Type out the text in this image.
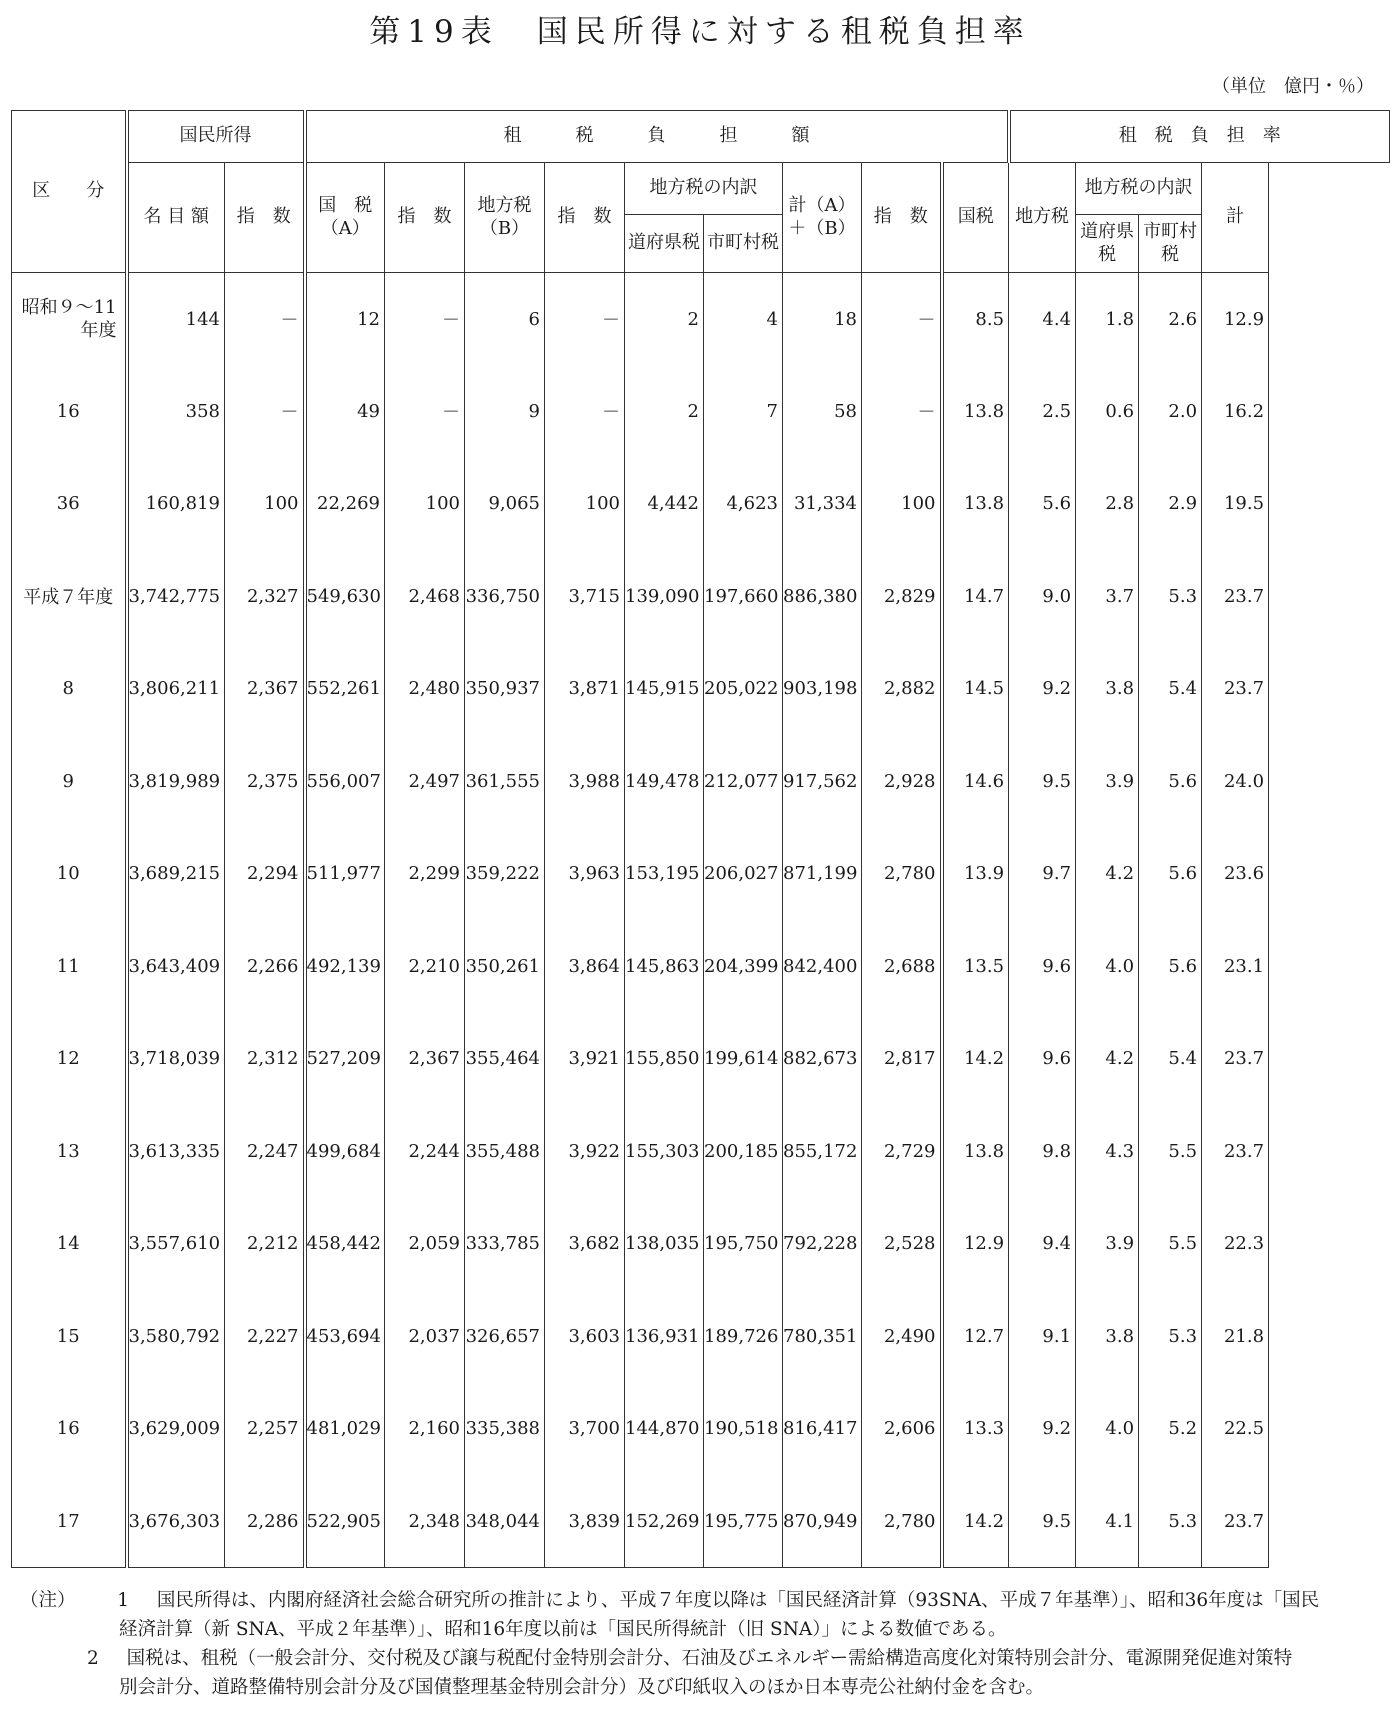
第19表　国民所得に対する租税負担率
（単位　億円・％）
区　　分	国民所得		租　　　税　　　負　　　担　　　額									租　税　負　担　率			
	名 目 額	指　数	国　税（A）	指　数	地方税（B）	指　数	地方税の内訳		計（A）＋（B）	指　数	国税	地方税	地方税の内訳		計
							道府県税	市町村税					道府県税	市町村税	
昭和９～11年度	144	－	12	－	6	－	2	4	18	－	8.5	4.4	1.8	2.6	12.9
16	358	－	49	－	9	－	2	7	58	－	13.8	2.5	0.6	2.0	16.2
36	160,819	100	22,269	100	9,065	100	4,442	4,623	31,334	100	13.8	5.6	2.8	2.9	19.5
平成７年度	3,742,775	2,327	549,630	2,468	336,750	3,715	139,090	197,660	886,380	2,829	14.7	9.0	3.7	5.3	23.7
8	3,806,211	2,367	552,261	2,480	350,937	3,871	145,915	205,022	903,198	2,882	14.5	9.2	3.8	5.4	23.7
9	3,819,989	2,375	556,007	2,497	361,555	3,988	149,478	212,077	917,562	2,928	14.6	9.5	3.9	5.6	24.0
10	3,689,215	2,294	511,977	2,299	359,222	3,963	153,195	206,027	871,199	2,780	13.9	9.7	4.2	5.6	23.6
11	3,643,409	2,266	492,139	2,210	350,261	3,864	145,863	204,399	842,400	2,688	13.5	9.6	4.0	5.6	23.1
12	3,718,039	2,312	527,209	2,367	355,464	3,921	155,850	199,614	882,673	2,817	14.2	9.6	4.2	5.4	23.7
13	3,613,335	2,247	499,684	2,244	355,488	3,922	155,303	200,185	855,172	2,729	13.8	9.8	4.3	5.5	23.7
14	3,557,610	2,212	458,442	2,059	333,785	3,682	138,035	195,750	792,228	2,528	12.9	9.4	3.9	5.5	22.3
15	3,580,792	2,227	453,694	2,037	326,657	3,603	136,931	189,726	780,351	2,490	12.7	9.1	3.8	5.3	21.8
16	3,629,009	2,257	481,029	2,160	335,388	3,700	144,870	190,518	816,417	2,606	13.3	9.2	4.0	5.2	22.5
17	3,676,303	2,286	522,905	2,348	348,044	3,839	152,269	195,775	870,949	2,780	14.2	9.5	4.1	5.3	23.7
（注） 1 国民所得は、内閣府経済社会総合研究所の推計により、平成７年度以降は「国民経済計算（93SNA、平成７年基準）」、昭和36年度は「国民
経済計算（新 SNA、平成２年基準）」、昭和16年度以前は「国民所得統計（旧 SNA）」による数値である。
2 国税は、租税（一般会計分、交付税及び譲与税配付金特別会計分、石油及びエネルギー需給構造高度化対策特別会計分、電源開発促進対策特
別会計分、道路整備特別会計分及び国債整理基金特別会計分）及び印紙収入のほか日本専売公社納付金を含む。
